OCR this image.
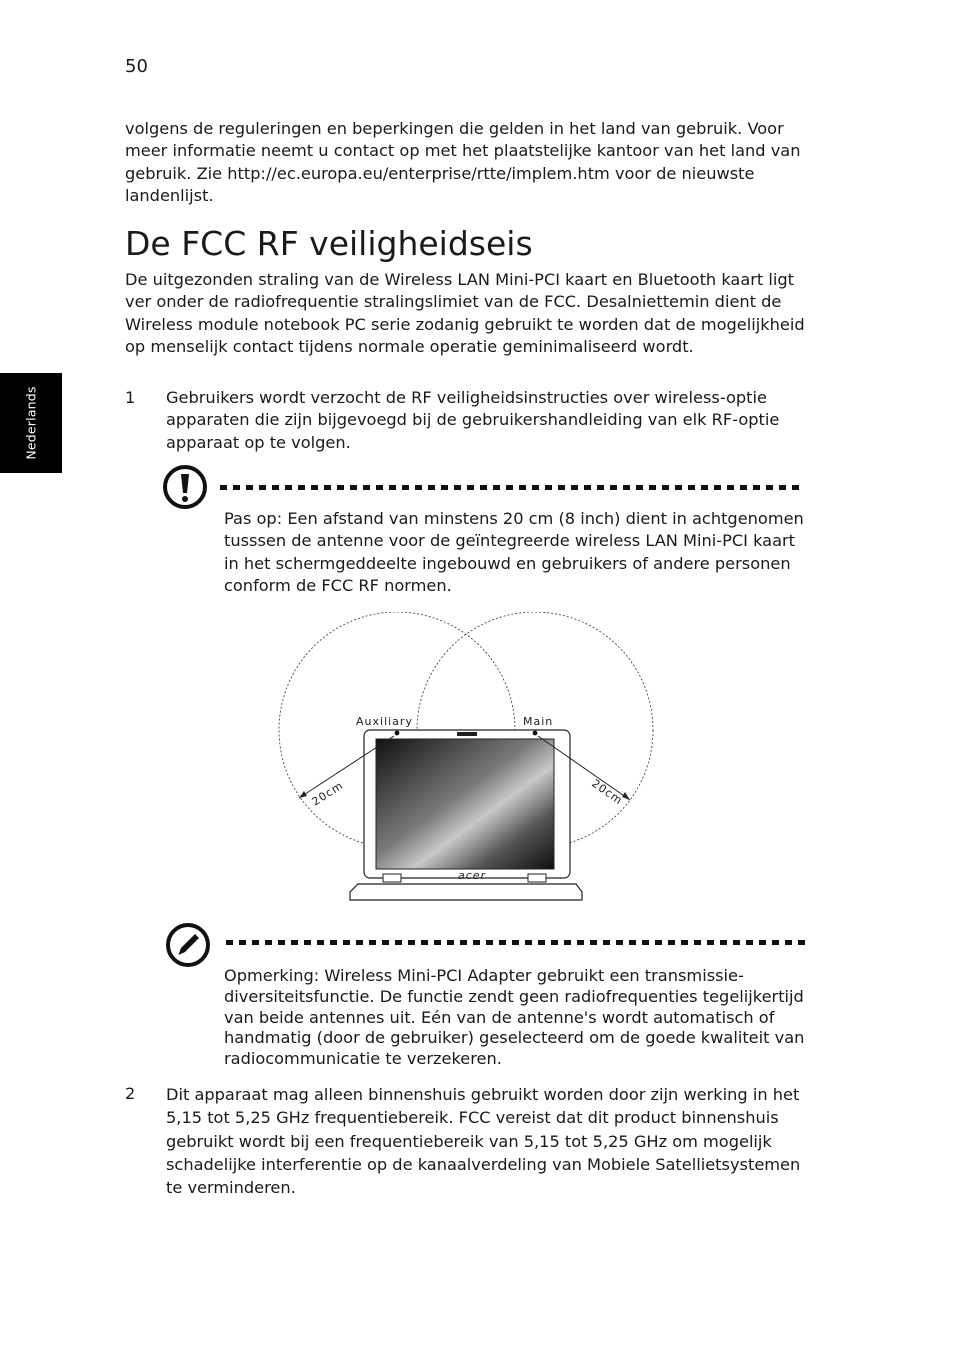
50
Nederlands

volgens de reguleringen en beperkingen die gelden in het land van gebruik. Voor meer informatie neemt u contact op met het plaatstelijke kantoor van het land van gebruik. Zie http://ec.europa.eu/enterprise/rtte/implem.htm voor de nieuwste landenlijst.

De FCC RF veiligheidseis

De uitgezonden straling van de Wireless LAN Mini-PCI kaart en Bluetooth kaart ligt ver onder de radiofrequentie stralingslimiet van de FCC. Desalniettemin dient de Wireless module notebook PC serie zodanig gebruikt te worden dat de mogelijkheid op menselijk contact tijdens normale operatie geminimaliseerd wordt.

1 Gebruikers wordt verzocht de RF veiligheidsinstructies over wireless-optie apparaten die zijn bijgevoegd bij de gebruikershandleiding van elk RF-optie apparaat op te volgen.
Pas op: Een afstand van minstens 20 cm (8 inch) dient in achtgenomen tusssen de antenne voor de geïntegreerde wireless LAN Mini-PCI kaart in het schermgeddeelte ingebouwd en gebruikers of andere personen conform de FCC RF normen.
acer
Auxiliary	Main
20cm	20cm
Opmerking: Wireless Mini-PCI Adapter gebruikt een transmissie-diversiteitsfunctie. De functie zendt geen radiofrequenties tegelijkertijd van beide antennes uit. Eén van de antenne's wordt automatisch of handmatig (door de gebruiker) geselecteerd om de goede kwaliteit van radiocommunicatie te verzekeren.
2 Dit apparaat mag alleen binnenshuis gebruikt worden door zijn werking in het 5,15 tot 5,25 GHz frequentiebereik. FCC vereist dat dit product binnenshuis gebruikt wordt bij een frequentiebereik van 5,15 tot 5,25 GHz om mogelijk schadelijke interferentie op de kanaalverdeling van Mobiele Satellietsystemen te verminderen.
